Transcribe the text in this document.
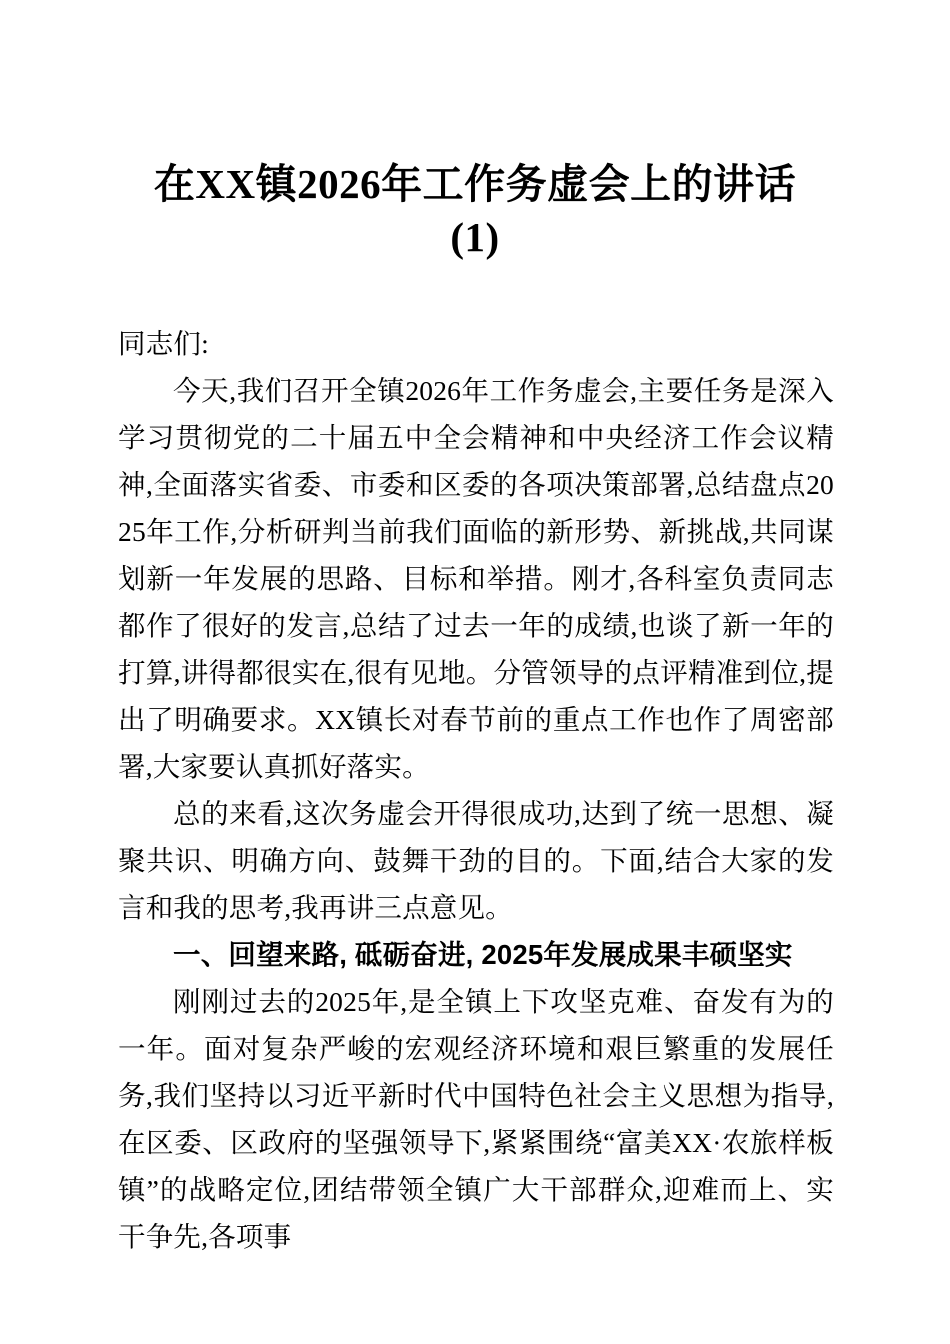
在XX镇2026年工作务虚会上的讲话
(1)

同志们:

今天,我们召开全镇2026年工作务虚会,主要任务是深入学习贯彻党的二十届五中全会精神和中央经济工作会议精神,全面落实省委、市委和区委的各项决策部署,总结盘点2025年工作,分析研判当前我们面临的新形势、新挑战,共同谋划新一年发展的思路、目标和举措。刚才,各科室负责同志都作了很好的发言,总结了过去一年的成绩,也谈了新一年的打算,讲得都很实在,很有见地。分管领导的点评精准到位,提出了明确要求。XX镇长对春节前的重点工作也作了周密部署,大家要认真抓好落实。

总的来看,这次务虚会开得很成功,达到了统一思想、凝聚共识、明确方向、鼓舞干劲的目的。下面,结合大家的发言和我的思考,我再讲三点意见。

一、回望来路, 砥砺奋进, 2025年发展成果丰硕坚实

刚刚过去的2025年,是全镇上下攻坚克难、奋发有为的一年。面对复杂严峻的宏观经济环境和艰巨繁重的发展任务,我们坚持以习近平新时代中国特色社会主义思想为指导,在区委、区政府的坚强领导下,紧紧围绕“富美XX·农旅样板镇”的战略定位,团结带领全镇广大干部群众,迎难而上、实干争先,各项事
